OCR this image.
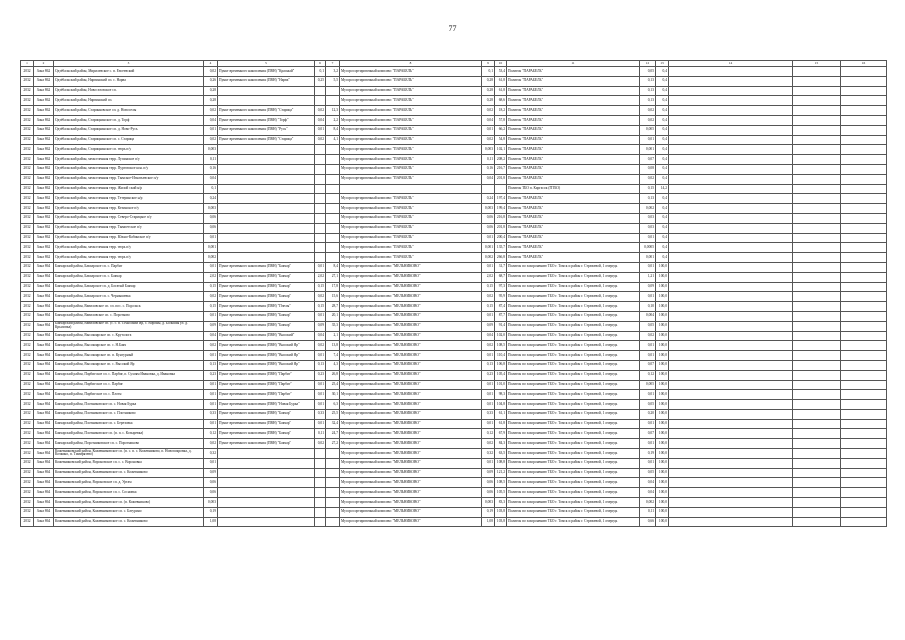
77
1	2	3	4	5	6	7	8	9	10	11	12	13	14	15	16
2032	Зона 862	Одзёбальский район, Мирилевское с. п. Евсеевский	0,02	Пункт временного накопления (ПВН) "Красный"	0,1	3,2	Мусоросортировочный комплекс "ПАРАБЕЛЬ"	0,1	53,4	Полигон "ПАРАБЕЛЬ"	0,05	0,4			
2032	Зона 862	Одзёбальский район, Нарвинский сп. с. Нарва	0,26	Пункт временного накопления (ПВН) "Нарва"	0,25	5,5	Мусоросортировочный комплекс "ПАРАБЕЛЬ"	0,28	61,8	Полигон "ПАРАБЕЛЬ"	0,13	0,4			
2032	Зона 862	Одзёбальский район, Новоселовское сп.	0,28				Мусоросортировочный комплекс "ПАРАБЕЛЬ"	0,28	61,8	Полигон "ПАРАБЕЛЬ"	0,13	0,4			
2032	Зона 862	Одзёбальский район, Нарвинский сп.	0,28				Мусоросортировочный комплекс "ПАРАБЕЛЬ"	0,28	68,6	Полигон "ПАРАБЕЛЬ"	0,13	0,4			
2032	Зона 862	Одзёбальский район, Старинковское сп. д. Новоселы	0,02	Пункт временного накопления (ПВН) "Старица"	0,02	12,3	Мусоросортировочный комплекс "ПАРАБЕЛЬ"	0,02	18,2	Полигон "ПАРАБЕЛЬ"	0,02	0,4			
2032	Зона 862	Одзёбальский район, Старицкинское сп. д. Торф	0,04	Пункт временного накопления (ПВН) "Торф"	0,04	2,2	Мусоросортировочный комплекс "ПАРАБЕЛЬ"	0,04	57,8	Полигон "ПАРАБЕЛЬ"	0,02	0,4			
2032	Зона 862	Одзёбальский район, Старицкинское сп. д. Ново-Русь	0,01	Пункт временного накопления (ПВН) "Русь"	0,01	8,4	Мусоросортировочный комплекс "ПАРАБЕЛЬ"	0,01	66,2	Полигон "ПАРАБЕЛЬ"	0,005	0,4			
2032	Зона 862	Одзёбальский район, Старицкинское сп. с. Старица	0,02	Пункт временного накопления (ПВН) "Старица"	0,02	4,1	Мусоросортировочный комплекс "ПАРАБЕЛЬ"	0,02	54,8	Полигон "ПАРАБЕЛЬ"	0,01	0,4			
2032	Зона 862	Одзёбальский район, Старицкинское сп. тюрь п/у	0,003				Мусоросортировочный комплекс "ПАРАБЕЛЬ"	0,003	102,1	Полигон "ПАРАБЕЛЬ"	0,001	0,4			
2032	Зона 862	Одзёбальский район, межселенная терр. Лупинское п/у	0,11				Мусоросортировочный комплекс "ПАРАБЕЛЬ"	0,11	208,2	Полигон "ПАРАБЕЛЬ"	0,07	0,4			
2032	Зона 862	Одзёбальский район, межселенная терр. Пуртовское кон. п/у	0,16				Мусоросортировочный комплекс "ПАРАБЕЛЬ"	0,16	216,7	Полигон "ПАРАБЕЛЬ"	0,08	0,4			
2032	Зона 862	Одзёбальский район, межселенная терр. Тымское-Игнатьевское п/у	0,04				Мусоросортировочный комплекс "ПАРАБЕЛЬ"	0,04	201,8	Полигон "ПАРАБЕЛЬ"	0,02	0,4			
2032	Зона 862	Одзёбальский район, межселенная терр. Жилой ский н/р	0,1							Полигон ТБО п. Каргасок (ПТБО)	0,15	14,2			
2032	Зона 862	Одзёбальский район, межселенная терр. Тетеринское н/р	0,24				Мусоросортировочный комплекс "ПАРАБЕЛЬ"	0,24	197,4	Полигон "ПАРАБЕЛЬ"	0,13	0,4			
2032	Зона 862	Одзёбальский район, межселенная терр. Кезинское п/у	0,003				Мусоросортировочный комплекс "ПАРАБЕЛЬ"	0,003	199,4	Полигон "ПАРАБЕЛЬ"	0,002	0,4			
2032	Зона 862	Одзёбальский район, межселенная терр. Северо-Старицкое п/у	0,06				Мусоросортировочный комплекс "ПАРАБЕЛЬ"	0,06	216,8	Полигон "ПАРАБЕЛЬ"	0,03	0,4			
2032	Зона 862	Одзёбальский район, межселенная терр. Тымпетское п/у	0,06				Мусоросортировочный комплекс "ПАРАБЕЛЬ"	0,06	201,8	Полигон "ПАРАБЕЛЬ"	0,03	0,4			
2032	Зона 862	Одзёбальский район, межселенная терр. Южно-Кабинское п/у	0,01				Мусоросортировочный комплекс "ПАРАБЕЛЬ"	0,01	200,4	Полигон "ПАРАБЕЛЬ"	0,01	0,4			
2032	Зона 862	Одзёбальский район, межселенная терр. тюрь п/у	0,001				Мусоросортировочный комплекс "ПАРАБЕЛЬ"	0,001	135,7	Полигон "ПАРАБЕЛЬ"	0,0005	0,4			
2032	Зона 862	Одзёбальский район, межселенная терр. тюрь п/у	0,002				Мусоросортировочный комплекс "ПАРАБЕЛЬ"	0,002	266,8	Полигон "ПАРАБЕЛЬ"	0,001	0,4			
2032	Зона 864	Бакчарский район, Бакчарское сп. с. Парбиг	0,01	Пункт временного накопления (ПВН) "Бакчар"	0,01	8,4	Мусоросортировочный комплекс "МЕЛЬНИКОВО"	0,01	31,7	Полигон по захоронению ТБО г. Томск и район г. Стрежевой, 1 очередь	0,01	100,0			
2032	Зона 864	Бакчарский район, Бакчарское сп. с. Бакчар	2,02	Пункт временного накопления (ПВН) "Бакчар"	2,02	27,1	Мусоросортировочный комплекс "МЕЛЬНИКОВО"	2,02	68,7	Полигон по захоронению ТБО г. Томск и район г. Стрежевой, 1 очередь	1,21	100,0			
2032	Зона 864	Бакчарский район, Бакчарское сп. д. Богатый Бакчар	0,15	Пункт временного накопления (ПВН) "Бакчар"	0,15	17,8	Мусоросортировочный комплекс "МЕЛЬНИКОВО"	0,15	97,3	Полигон по захоронению ТБО г. Томск и район г. Стрежевой, 1 очередь	0,09	100,0			
2032	Зона 864	Бакчарский район, Бакчарское сп. с. Чернышевка	0,02	Пункт временного накопления (ПВН) "Бакчар"	0,02	15,6	Мусоросортировочный комплекс "МЕЛЬНИКОВО"	0,02	95,9	Полигон по захоронению ТБО г. Томск и район г. Стрежевой, 1 очередь	0,01	100,0			
2032	Зона 864	Бакчарский район, Вавиловское сп. сп. пос. с. Подольск	0,15	Пункт временного накопления (ПВН) "Пчелы"	0,15	28,7	Мусоросортировочный комплекс "МЕЛЬНИКОВО"	0,15	87,4	Полигон по захоронению ТБО г. Томск и район г. Стрежевой, 1 очередь	0,10	100,0			
2032	Зона 864	Бакчарский район, Вавиловское сп. с. Поротково	0,01	Пункт временного накопления (ПВН) "Бакчар"	0,01	20,1	Мусоросортировочный комплекс "МЕЛЬНИКОВО"	0,01	87,7	Полигон по захоронению ТБО г. Томск и район г. Стрежевой, 1 очередь	0,004	100,0			
2032	Зона 864	Бакчарский район, Вавиловское сп. (с. с. п. с.Высокий Яр, с. Вороны, д. Большая ул. д. Крыловка)	0,09	Пункт временного накопления (ПВН) "Бакчар"	0,09	35,3	Мусоросортировочный комплекс "МЕЛЬНИКОВО"	0,09	91,4	Полигон по захоронению ТБО г. Томск и район г. Стрежевой, 1 очередь	0,05	100,0			
2032	Зона 864	Бакчарский район, Высокоярское сп. с. Крутолога	0,04	Пункт временного накопления (ПВН) "Высокий"	0,04	2,1	Мусоросортировочный комплекс "МЕЛЬНИКОВО"	0,04	102,0	Полигон по захоронению ТБО г. Томск и район г. Стрежевой, 1 очередь	0,02	100,0			
2032	Зона 864	Бакчарский район, Высокоярское сп. с. Н.Бакч	0,02	Пункт временного накопления (ПВН) "Высокий Яр"	0,02	13,8	Мусоросортировочный комплекс "МЕЛЬНИКОВО"	0,02	108,5	Полигон по захоронению ТБО г. Томск и район г. Стрежевой, 1 очередь	0,01	100,0			
2032	Зона 864	Бакчарский район, Высокоярское сп. п. Кунгурный	0,01	Пункт временного накопления (ПВН) "Высокий Яр"	0,01	7,4	Мусоросортировочный комплекс "МЕЛЬНИКОВО"	0,01	110,4	Полигон по захоронению ТБО г. Томск и район г. Стрежевой, 1 очередь	0,01	100,0			
2032	Зона 864	Бакчарский район, Высокоярское сп. с. Высокий Яр	0,13	Пункт временного накопления (ПВН) "Высокий Яр"	0,13	4,3	Мусоросортировочный комплекс "МЕЛЬНИКОВО"	0,13	106,8	Полигон по захоронению ТБО г. Томск и район г. Стрежевой, 1 очередь	0,07	100,0			
2032	Зона 864	Бакчарский район, Парбигское сп. с. Парбиг, п. Сухоям Ивановка, д. Ивановка	0,23	Пункт временного накопления (ПВН) "Парбиг"	0,23	26,8	Мусоросортировочный комплекс "МЕЛЬНИКОВО"	0,23	105,4	Полигон по захоронению ТБО г. Томск и район г. Стрежевой, 1 очередь	0,12	100,0			
2032	Зона 864	Бакчарский район, Парбигское сп. с. Парбиг	0,01	Пункт временного накопления (ПВН) "Парбиг"	0,01	25,4	Мусоросортировочный комплекс "МЕЛЬНИКОВО"	0,01	101,0	Полигон по захоронению ТБО г. Томск и район г. Стрежевой, 1 очередь	0,005	100,0			
2032	Зона 864	Бакчарский район, Парбигское сп. с. Плотн	0,01	Пункт временного накопления (ПВН) "Парбиг"	0,01	30,1	Мусоросортировочный комплекс "МЕЛЬНИКОВО"	0,01	98,3	Полигон по захоронению ТБО г. Томск и район г. Стрежевой, 1 очередь	0,01	100,0			
2032	Зона 864	Бакчарский район, Плотниковское сп. с. Новая Бурка	0,01	Пункт временного накопления (ПВН) "Новая Бурка"	0,01	6,3	Мусоросортировочный комплекс "МЕЛЬНИКОВО"	0,01	104,8	Полигон по захоронению ТБО г. Томск и район г. Стрежевой, 1 очередь	0,05	100,0			
2032	Зона 864	Бакчарский район, Плотниковское сп. с. Плотниково	0,33	Пункт временного накопления (ПВН) "Бакчар"	0,33	25,5	Мусоросортировочный комплекс "МЕЛЬНИКОВО"	0,33	61,1	Полигон по захоронению ТБО г. Томск и район г. Стрежевой, 1 очередь	0,20	100,0			
2032	Зона 864	Бакчарский район, Плотниковское сп. с. Березовка	0,01	Пункт временного накопления (ПВН) "Бакчар"	0,01	32,4	Мусоросортировочный комплекс "МЕЛЬНИКОВО"	0,01	61,8	Полигон по захоронению ТБО г. Томск и район г. Стрежевой, 1 очередь	0,01	100,0			
2032	Зона 864	Бакчарский район, Плотниковское сп. (п. п. с. Козыревка)	0,12	Пункт временного накопления (ПВН) "Бакчар"	0,11	24,7	Мусоросортировочный комплекс "МЕЛЬНИКОВО"	0,12	67,9	Полигон по захоронению ТБО г. Томск и район г. Стрежевой, 1 очередь	0,07	100,0			
2032	Зона 864	Бакчарский район, Поротниковское сп. с. Поротниково	0,02	Пункт временного накопления (ПВН) "Бакчар"	0,02	27,2	Мусоросортировочный комплекс "МЕЛЬНИКОВО"	0,02	84,3	Полигон по захоронению ТБО г. Томск и район г. Стрежевой, 1 очередь	0,01	100,0			
2032	Зона 864	Кожевниковский район, Кожевниковское сп. (п. с. п. с. Кожевниково, п. Новопокровка, д. Кочкино, п. Тимирязево)	0,32				Мусоросортировочный комплекс "МЕЛЬНИКОВО"	0,32	63,5	Полигон по захоронению ТБО г. Томск и район г. Стрежевой, 1 очередь	0,19	100,0			
2032	Зона 864	Кожевниковский район, Вороновское сп. с. с. Вороновка	0,01				Мусоросортировочный комплекс "МЕЛЬНИКОВО"	0,01	108,8	Полигон по захоронению ТБО г. Томск и район г. Стрежевой, 1 очередь	0,01	100,0			
2032	Зона 864	Кожевниковский район, Кожевниковское сп. с. Кожевниково	0,09				Мусоросортировочный комплекс "МЕЛЬНИКОВО"	0,09	121,2	Полигон по захоронению ТБО г. Томск и район г. Стрежевой, 1 очередь	0,05	100,0			
2032	Зона 864	Кожевниковский район, Вороновское сп. д. Уртам	0,06				Мусоросортировочный комплекс "МЕЛЬНИКОВО"	0,06	108,5	Полигон по захоронению ТБО г. Томск и район г. Стрежевой, 1 очередь	0,04	100,0			
2032	Зона 864	Кожевниковский район, Вороновское сп. с. Сосновка	0,06				Мусоросортировочный комплекс "МЕЛЬНИКОВО"	0,06	105,5	Полигон по захоронению ТБО г. Томск и район г. Стрежевой, 1 очередь	0,04	100,0			
2032	Зона 864	Кожевниковский район, Кожевниковское сп. (п. Кожевниково)	0,003				Мусоросортировочный комплекс "МЕЛЬНИКОВО"	0,003	83,3	Полигон по захоронению ТБО г. Томск и район г. Стрежевой, 1 очередь	0,002	100,0			
2032	Зона 864	Кожевниковский район, Кожевниковское сп. с. Батурино	0,19				Мусоросортировочный комплекс "МЕЛЬНИКОВО"	0,19	103,8	Полигон по захоронению ТБО г. Томск и район г. Стрежевой, 1 очередь	0,11	100,0			
2032	Зона 864	Кожевниковский район, Кожевниковское сп. с. Кожевниково	1,08				Мусоросортировочный комплекс "МЕЛЬНИКОВО"	1,08	103,8	Полигон по захоронению ТБО г. Томск и район г. Стрежевой, 1 очередь	0,66	100,0			
